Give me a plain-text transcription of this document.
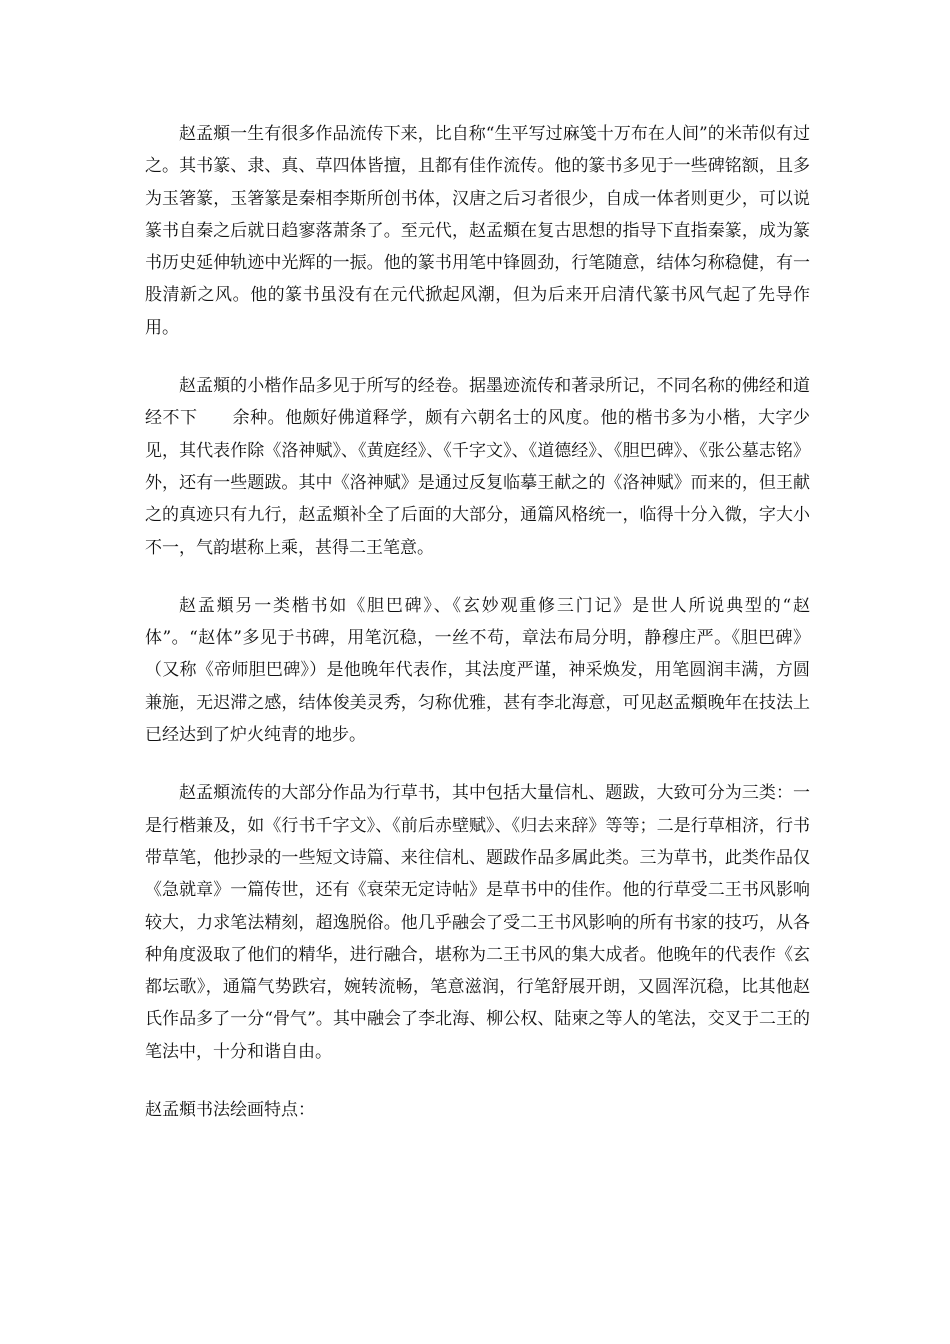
赵孟頫一生有很多作品流传下来，比自称“生平写过麻笺十万布在人间”的米芾似有过之。其书篆、隶、真、草四体皆擅，且都有佳作流传。他的篆书多见于一些碑铭额，且多为玉箸篆，玉箸篆是秦相李斯所创书体，汉唐之后习者很少，自成一体者则更少，可以说篆书自秦之后就日趋寥落萧条了。至元代，赵孟頫在复古思想的指导下直指秦篆，成为篆书历史延伸轨迹中光辉的一振。他的篆书用笔中锋圆劲，行笔随意，结体匀称稳健，有一股清新之风。他的篆书虽没有在元代掀起风潮，但为后来开启清代篆书风气起了先导作用。

赵孟頫的小楷作品多见于所写的经卷。据墨迹流传和著录所记，不同名称的佛经和道经不下　　余种。他颇好佛道释学，颇有六朝名士的风度。他的楷书多为小楷，大字少见，其代表作除《洛神赋》、《黄庭经》、《千字文》、《道德经》、《胆巴碑》、《张公墓志铭》外，还有一些题跋。其中《洛神赋》是通过反复临摹王献之的《洛神赋》而来的，但王献之的真迹只有九行，赵孟頫补全了后面的大部分，通篇风格统一，临得十分入微，字大小不一，气韵堪称上乘，甚得二王笔意。

赵孟頫另一类楷书如《胆巴碑》、《玄妙观重修三门记》是世人所说典型的“赵体”。“赵体”多见于书碑，用笔沉稳，一丝不苟，章法布局分明，静穆庄严。《胆巴碑》（又称《帝师胆巴碑》）是他晚年代表作，其法度严谨，神采焕发，用笔圆润丰满，方圆兼施，无迟滞之感，结体俊美灵秀，匀称优雅，甚有李北海意，可见赵孟頫晚年在技法上已经达到了炉火纯青的地步。

赵孟頫流传的大部分作品为行草书，其中包括大量信札、题跋，大致可分为三类：一是行楷兼及，如《行书千字文》、《前后赤壁赋》、《归去来辞》等等；二是行草相济，行书带草笔，他抄录的一些短文诗篇、来往信札、题跋作品多属此类。三为草书，此类作品仅《急就章》一篇传世，还有《衰荣无定诗帖》是草书中的佳作。他的行草受二王书风影响较大，力求笔法精刻，超逸脱俗。他几乎融会了受二王书风影响的所有书家的技巧，从各种角度汲取了他们的精华，进行融合，堪称为二王书风的集大成者。他晚年的代表作《玄都坛歌》，通篇气势跌宕，婉转流畅，笔意滋润，行笔舒展开朗，又圆浑沉稳，比其他赵氏作品多了一分“骨气”。其中融会了李北海、柳公权、陆柬之等人的笔法，交叉于二王的笔法中，十分和谐自由。

赵孟頫书法绘画特点：
